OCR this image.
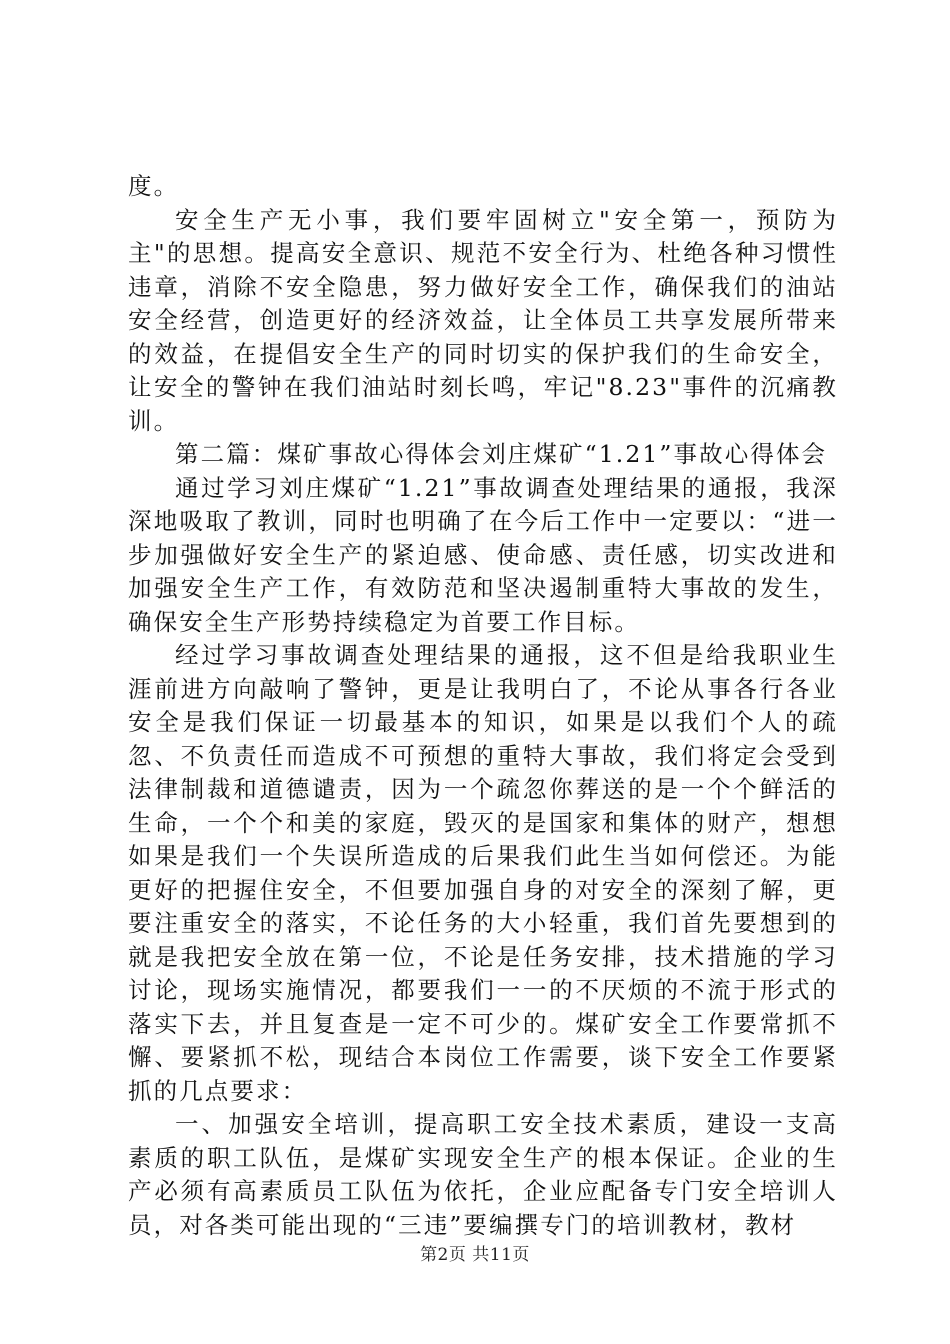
度。

安全生产无小事，我们要牢固树立"安全第一，预防为主"的思想。提高安全意识、规范不安全行为、杜绝各种习惯性违章，消除不安全隐患，努力做好安全工作，确保我们的油站安全经营，创造更好的经济效益，让全体员工共享发展所带来的效益，在提倡安全生产的同时切实的保护我们的生命安全，让安全的警钟在我们油站时刻长鸣，牢记"8.23"事件的沉痛教训。

第二篇：煤矿事故心得体会刘庄煤矿“1.21”事故心得体会

通过学习刘庄煤矿“1.21”事故调查处理结果的通报，我深深地吸取了教训，同时也明确了在今后工作中一定要以：“进一步加强做好安全生产的紧迫感、使命感、责任感，切实改进和加强安全生产工作，有效防范和坚决遏制重特大事故的发生，确保安全生产形势持续稳定为首要工作目标。

经过学习事故调查处理结果的通报，这不但是给我职业生涯前进方向敲响了警钟，更是让我明白了，不论从事各行各业安全是我们保证一切最基本的知识，如果是以我们个人的疏忽、不负责任而造成不可预想的重特大事故，我们将定会受到法律制裁和道德谴责，因为一个疏忽你葬送的是一个个鲜活的生命，一个个和美的家庭，毁灭的是国家和集体的财产，想想如果是我们一个失误所造成的后果我们此生当如何偿还。为能更好的把握住安全，不但要加强自身的对安全的深刻了解，更要注重安全的落实，不论任务的大小轻重，我们首先要想到的就是我把安全放在第一位，不论是任务安排，技术措施的学习讨论，现场实施情况，都要我们一一的不厌烦的不流于形式的落实下去，并且复查是一定不可少的。煤矿安全工作要常抓不懈、要紧抓不松，现结合本岗位工作需要，谈下安全工作要紧抓的几点要求：

一、加强安全培训，提高职工安全技术素质，建设一支高素质的职工队伍，是煤矿实现安全生产的根本保证。企业的生产必须有高素质员工队伍为依托，企业应配备专门安全培训人员，对各类可能出现的“三违”要编撰专门的培训教材，教材

第2页 共11页
